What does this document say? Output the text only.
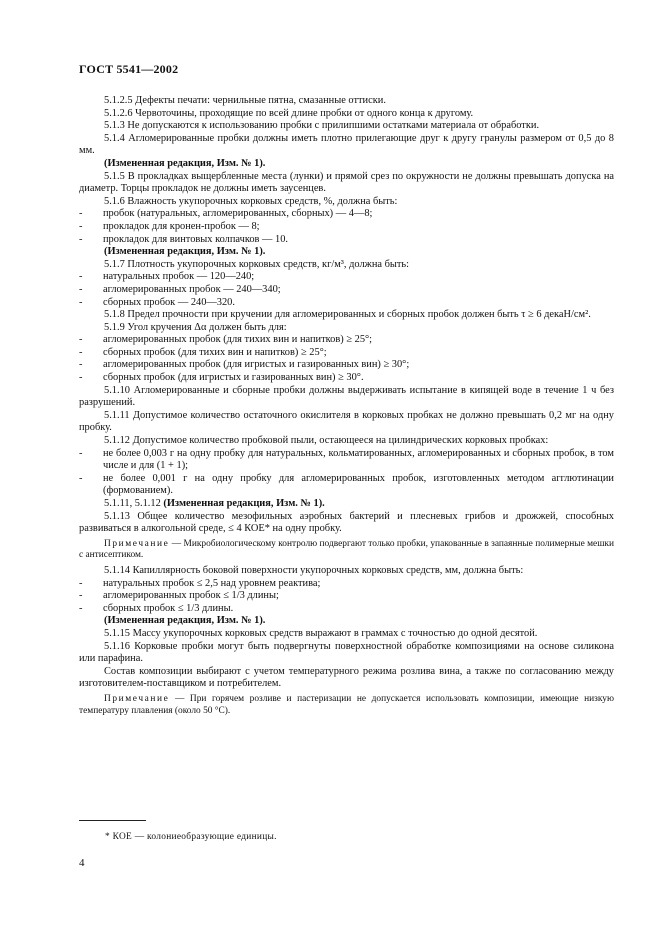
ГОСТ 5541—2002

5.1.2.5 Дефекты печати: чернильные пятна, смазанные оттиски.

5.1.2.6 Червоточины, проходящие по всей длине пробки от одного конца к другому.

5.1.3 Не допускаются к использованию пробки с прилипшими остатками материала от обработки.

5.1.4 Агломерированные пробки должны иметь плотно прилегающие друг к другу гранулы размером от 0,5 до 8 мм.

(Измененная редакция, Изм. № 1).

5.1.5 В прокладках выщербленные места (лунки) и прямой срез по окружности не должны превышать допуска на диаметр. Торцы прокладок не должны иметь заусенцев.

5.1.6 Влажность укупорочных корковых средств, %, должна быть:

- пробок (натуральных, агломерированных, сборных) — 4—8;

- прокладок для кронен-пробок — 8;

- прокладок для винтовых колпачков — 10.

(Измененная редакция, Изм. № 1).

5.1.7 Плотность укупорочных корковых средств, кг/м³, должна быть:

- натуральных пробок — 120—240;

- агломерированных пробок — 240—340;

- сборных пробок — 240—320.

5.1.8 Предел прочности при кручении для агломерированных и сборных пробок должен быть τ ≥ 6 декаН/см².

5.1.9 Угол кручения Δα должен быть для:

- агломерированных пробок (для тихих вин и напитков) ≥ 25°;

- сборных пробок (для тихих вин и напитков) ≥ 25°;

- агломерированных пробок (для игристых и газированных вин) ≥ 30°;

- сборных пробок (для игристых и газированных вин) ≥ 30°.

5.1.10 Агломерированные и сборные пробки должны выдерживать испытание в кипящей воде в течение 1 ч без разрушений.

5.1.11 Допустимое количество остаточного окислителя в корковых пробках не должно превышать 0,2 мг на одну пробку.

5.1.12 Допустимое количество пробковой пыли, остающееся на цилиндрических корковых пробках:

- не более 0,003 г на одну пробку для натуральных, кольматированных, агломерированных и сборных пробок, в том числе и для (1 + 1);

- не более 0,001 г на одну пробку для агломерированных пробок, изготовленных методом агглютинации (формованием).

5.1.11, 5.1.12 (Измененная редакция, Изм. № 1).

5.1.13 Общее количество мезофильных аэробных бактерий и плесневых грибов и дрожжей, способных развиваться в алкогольной среде, ≤ 4 КОЕ* на одну пробку.

Примечание — Микробиологическому контролю подвергают только пробки, упакованные в запаянные полимерные мешки с антисептиком.

5.1.14 Капиллярность боковой поверхности укупорочных корковых средств, мм, должна быть:

- натуральных пробок ≤ 2,5 над уровнем реактива;

- агломерированных пробок ≤ 1/3 длины;

- сборных пробок ≤ 1/3 длины.

(Измененная редакция, Изм. № 1).

5.1.15 Массу укупорочных корковых средств выражают в граммах с точностью до одной десятой.

5.1.16 Корковые пробки могут быть подвергнуты поверхностной обработке композициями на основе силикона или парафина.

Состав композиции выбирают с учетом температурного режима розлива вина, а также по согласованию между изготовителем-поставщиком и потребителем.

Примечание — При горячем розливе и пастеризации не допускается использовать композиции, имеющие низкую температуру плавления (около 50 °С).

* КОЕ — колониеобразующие единицы.
4
